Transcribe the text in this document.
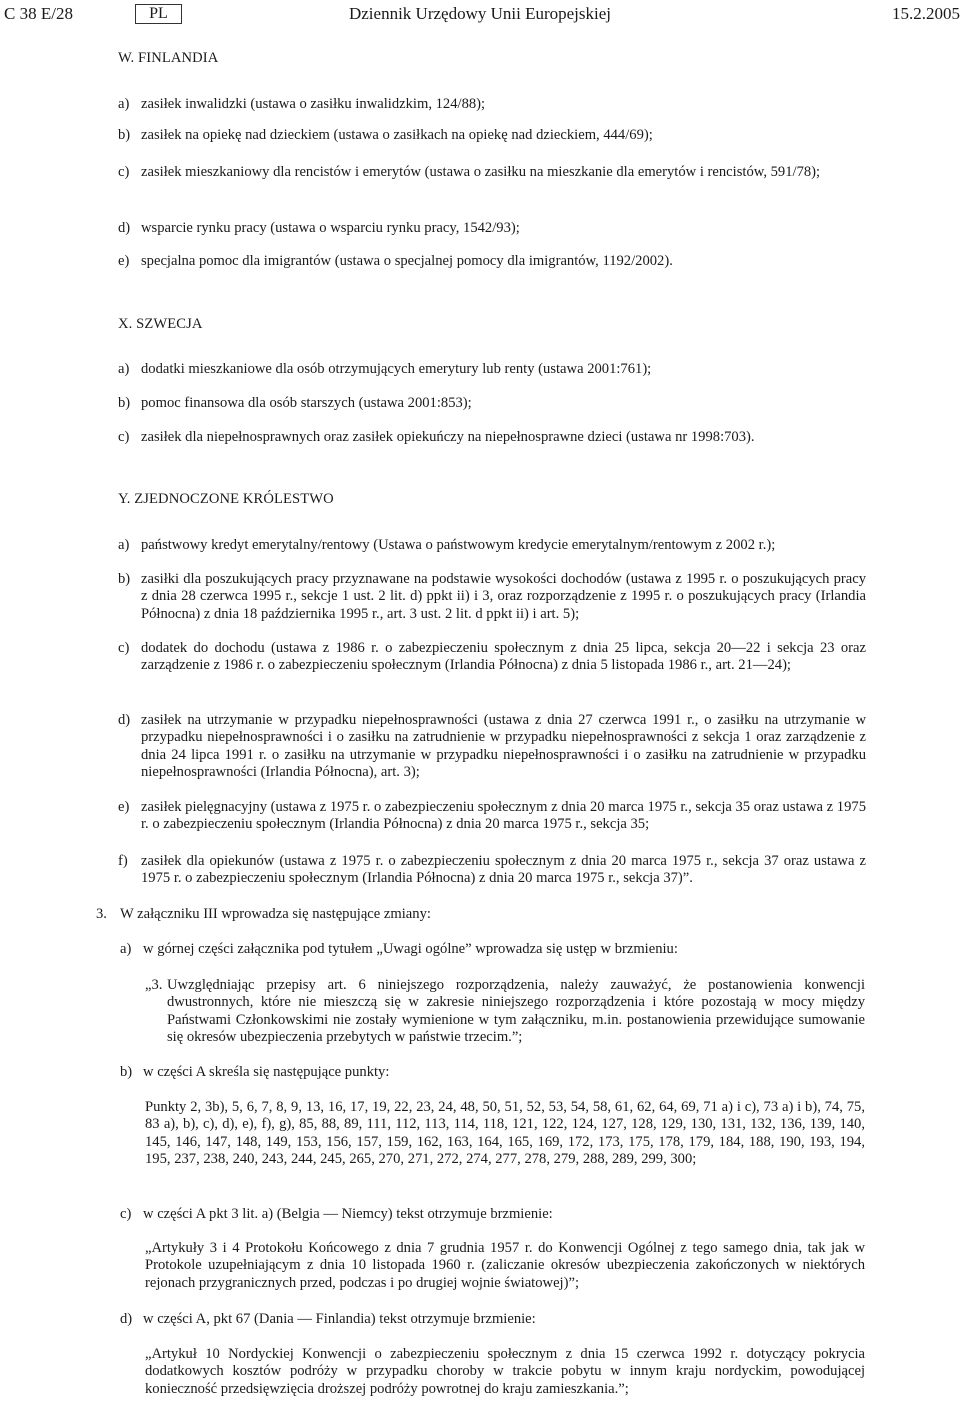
C 38 E/28	PL	Dziennik Urzędowy Unii Europejskiej	15.2.2005

W. FINLANDIA

a) zasiłek inwalidzki (ustawa o zasiłku inwalidzkim, 124/88);

b) zasiłek na opiekę nad dzieckiem (ustawa o zasiłkach na opiekę nad dzieckiem, 444/69);

c) zasiłek mieszkaniowy dla rencistów i emerytów (ustawa o zasiłku na mieszkanie dla emerytów i rencistów, 591/78);

d) wsparcie rynku pracy (ustawa o wsparciu rynku pracy, 1542/93);

e) specjalna pomoc dla imigrantów (ustawa o specjalnej pomocy dla imigrantów, 1192/2002).

X. SZWECJA

a) dodatki mieszkaniowe dla osób otrzymujących emerytury lub renty (ustawa 2001:761);

b) pomoc finansowa dla osób starszych (ustawa 2001:853);

c) zasiłek dla niepełnosprawnych oraz zasiłek opiekuńczy na niepełnosprawne dzieci (ustawa nr 1998:703).

Y. ZJEDNOCZONE KRÓLESTWO

a) państwowy kredyt emerytalny/rentowy (Ustawa o państwowym kredycie emerytalnym/rentowym z 2002 r.);

b) zasiłki dla poszukujących pracy przyznawane na podstawie wysokości dochodów (ustawa z 1995 r. o poszukujących pracy z dnia 28 czerwca 1995 r., sekcje 1 ust. 2 lit. d) ppkt ii) i 3, oraz rozporządzenie z 1995 r. o poszukujących pracy (Irlandia Północna) z dnia 18 października 1995 r., art. 3 ust. 2 lit. d ppkt ii) i art. 5);

c) dodatek do dochodu (ustawa z 1986 r. o zabezpieczeniu społecznym z dnia 25 lipca, sekcja 20—22 i sekcja 23 oraz zarządzenie z 1986 r. o zabezpieczeniu społecznym (Irlandia Północna) z dnia 5 listopada 1986 r., art. 21—24);

d) zasiłek na utrzymanie w przypadku niepełnosprawności (ustawa z dnia 27 czerwca 1991 r., o zasiłku na utrzymanie w przypadku niepełnosprawności i o zasiłku na zatrudnienie w przypadku niepełnosprawności z sekcja 1 oraz zarządzenie z dnia 24 lipca 1991 r. o zasiłku na utrzymanie w przypadku niepełnosprawności i o zasiłku na zatrudnienie w przypadku niepełnosprawności (Irlandia Północna), art. 3);

e) zasiłek pielęgnacyjny (ustawa z 1975 r. o zabezpieczeniu społecznym z dnia 20 marca 1975 r., sekcja 35 oraz ustawa z 1975 r. o zabezpieczeniu społecznym (Irlandia Północna) z dnia 20 marca 1975 r., sekcja 35;

f) zasiłek dla opiekunów (ustawa z 1975 r. o zabezpieczeniu społecznym z dnia 20 marca 1975 r., sekcja 37 oraz ustawa z 1975 r. o zabezpieczeniu społecznym (Irlandia Północna) z dnia 20 marca 1975 r., sekcja 37)”.

3. W załączniku III wprowadza się następujące zmiany:

a) w górnej części załącznika pod tytułem „Uwagi ogólne” wprowadza się ustęp w brzmieniu:

„3. Uwzględniając przepisy art. 6 niniejszego rozporządzenia, należy zauważyć, że postanowienia konwencji dwustronnych, które nie mieszczą się w zakresie niniejszego rozporządzenia i które pozostają w mocy między Państwami Członkowskimi nie zostały wymienione w tym załączniku, m.in. postanowienia przewidujące sumowanie się okresów ubezpieczenia przebytych w państwie trzecim.”;

b) w części A skreśla się następujące punkty:

Punkty 2, 3b), 5, 6, 7, 8, 9, 13, 16, 17, 19, 22, 23, 24, 48, 50, 51, 52, 53, 54, 58, 61, 62, 64, 69, 71 a) i c), 73 a) i b), 74, 75, 83 a), b), c), d), e), f), g), 85, 88, 89, 111, 112, 113, 114, 118, 121, 122, 124, 127, 128, 129, 130, 131, 132, 136, 139, 140, 145, 146, 147, 148, 149, 153, 156, 157, 159, 162, 163, 164, 165, 169, 172, 173, 175, 178, 179, 184, 188, 190, 193, 194, 195, 237, 238, 240, 243, 244, 245, 265, 270, 271, 272, 274, 277, 278, 279, 288, 289, 299, 300;

c) w części A pkt 3 lit. a) (Belgia — Niemcy) tekst otrzymuje brzmienie:

„Artykuły 3 i 4 Protokołu Końcowego z dnia 7 grudnia 1957 r. do Konwencji Ogólnej z tego samego dnia, tak jak w Protokole uzupełniającym z dnia 10 listopada 1960 r. (zaliczanie okresów ubezpieczenia zakończonych w niektórych rejonach przygranicznych przed, podczas i po drugiej wojnie światowej)”;

d) w części A, pkt 67 (Dania — Finlandia) tekst otrzymuje brzmienie:

„Artykuł 10 Nordyckiej Konwencji o zabezpieczeniu społecznym z dnia 15 czerwca 1992 r. dotyczący pokrycia dodatkowych kosztów podróży w przypadku choroby w trakcie pobytu w innym kraju nordyckim, powodującej konieczność przedsięwzięcia droższej podróży powrotnej do kraju zamieszkania.”;
